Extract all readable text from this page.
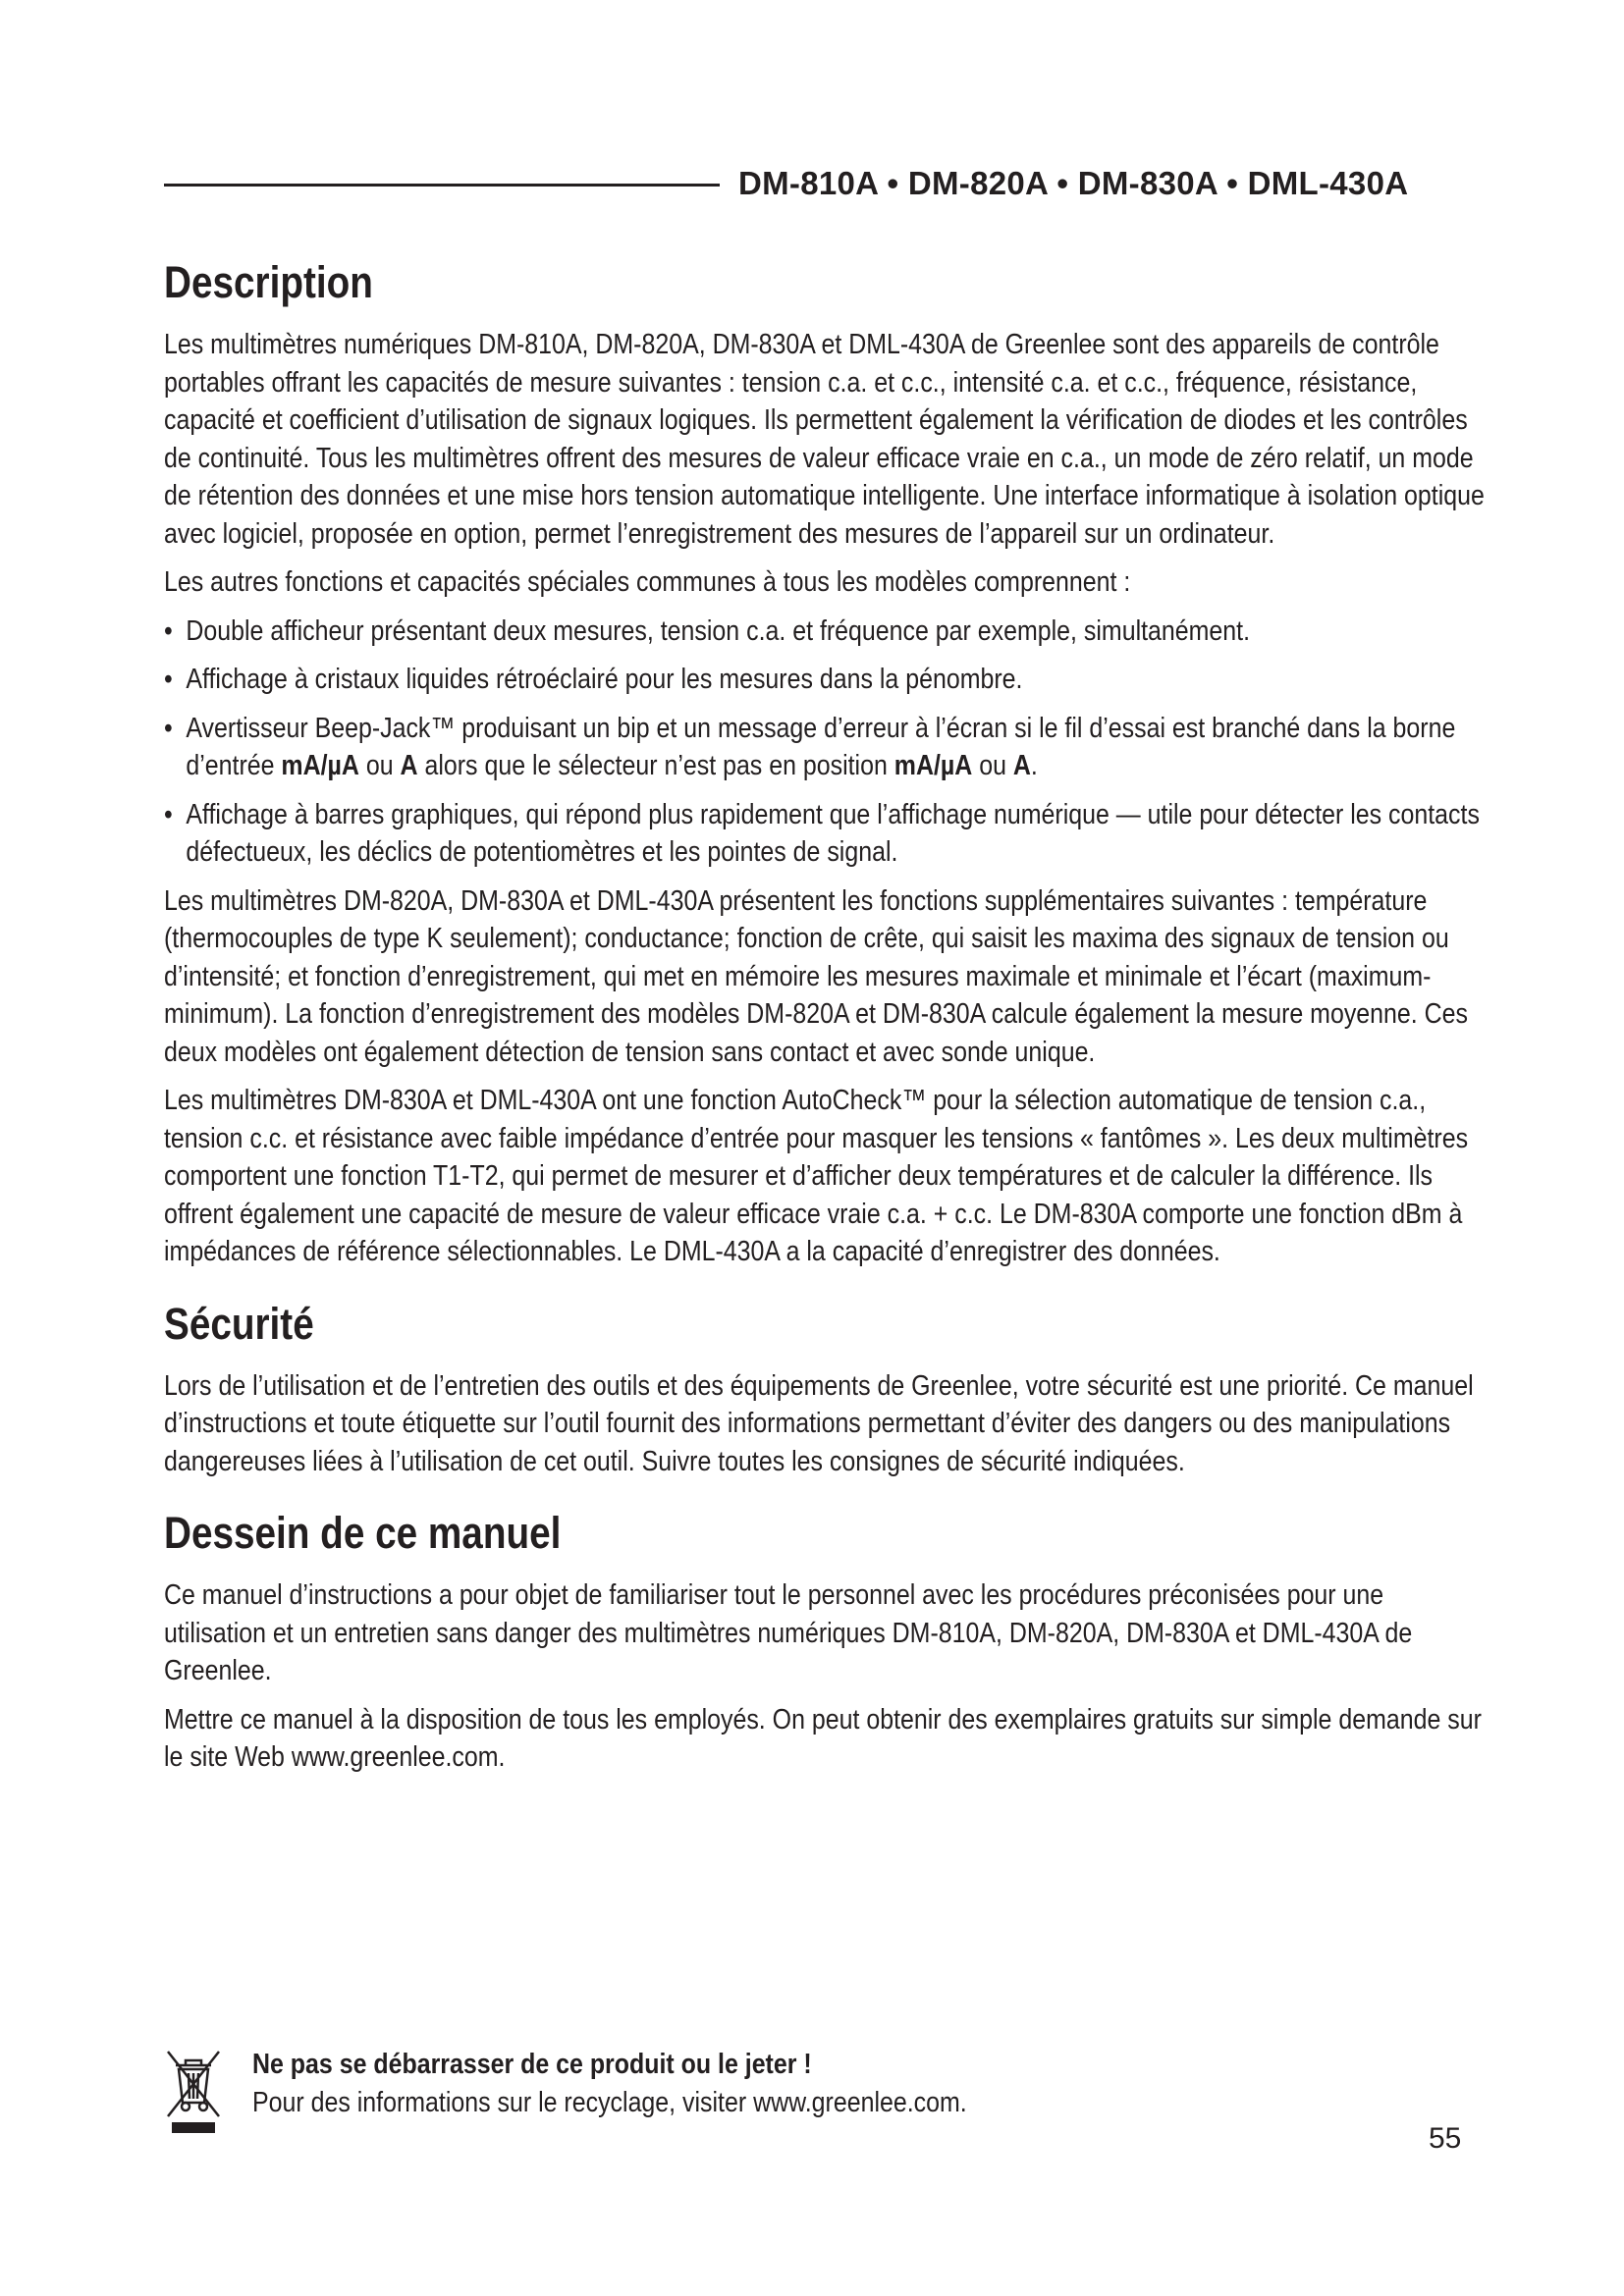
DM-810A • DM-820A • DM-830A • DML-430A
Description

Les multimètres numériques DM-810A, DM-820A, DM-830A et DML-430A de Greenlee sont des appareils de contrôle portables offrant les capacités de mesure suivantes : tension c.a. et c.c., intensité c.a. et c.c., fréquence, résistance, capacité et coefficient d’utilisation de signaux logiques. Ils permettent également la vérification de diodes et les contrôles de continuité. Tous les multimètres offrent des mesures de valeur efficace vraie en c.a., un mode de zéro relatif, un mode de rétention des données et une mise hors tension automatique intelligente. Une interface informatique à isolation optique avec logiciel, proposée en option, permet l’enregistrement des mesures de l’appareil sur un ordinateur.

Les autres fonctions et capacités spéciales communes à tous les modèles comprennent :

• Double afficheur présentant deux mesures, tension c.a. et fréquence par exemple, simultanément.
• Affichage à cristaux liquides rétroéclairé pour les mesures dans la pénombre.
• Avertisseur Beep-Jack™ produisant un bip et un message d’erreur à l’écran si le fil d’essai est branché dans la borne d’entrée mA/µA ou A alors que le sélecteur n’est pas en position mA/µA ou A.
• Affichage à barres graphiques, qui répond plus rapidement que l’affichage numérique — utile pour détecter les contacts défectueux, les déclics de potentiomètres et les pointes de signal.

Les multimètres DM-820A, DM-830A et DML-430A présentent les fonctions supplémentaires suivantes : température (thermocouples de type K seulement); conductance; fonction de crête, qui saisit les maxima des signaux de tension ou d’intensité; et fonction d’enregistrement, qui met en mémoire les mesures maximale et minimale et l’écart (maximum-minimum). La fonction d’enregistrement des modèles DM-820A et DM-830A calcule également la mesure moyenne. Ces deux modèles ont également détection de tension sans contact et avec sonde unique.

Les multimètres DM-830A et DML-430A ont une fonction AutoCheck™ pour la sélection automatique de tension c.a., tension c.c. et résistance avec faible impédance d’entrée pour masquer les tensions « fantômes ». Les deux multimètres comportent une fonction T1-T2, qui permet de mesurer et d’afficher deux températures et de calculer la différence. Ils offrent également une capacité de mesure de valeur efficace vraie c.a. + c.c. Le DM-830A comporte une fonction dBm à impédances de référence sélectionnables. Le DML-430A a la capacité d’enregistrer des données.

Sécurité

Lors de l’utilisation et de l’entretien des outils et des équipements de Greenlee, votre sécurité est une priorité. Ce manuel d’instructions et toute étiquette sur l’outil fournit des informations permettant d’éviter des dangers ou des manipulations dangereuses liées à l’utilisation de cet outil. Suivre toutes les consignes de sécurité indiquées.

Dessein de ce manuel

Ce manuel d’instructions a pour objet de familiariser tout le personnel avec les procédures préconisées pour une utilisation et un entretien sans danger des multimètres numériques DM-810A, DM-820A, DM-830A et DML-430A de Greenlee.

Mettre ce manuel à la disposition de tous les employés. On peut obtenir des exemplaires gratuits sur simple demande sur le site Web www.greenlee.com.

Ne pas se débarrasser de ce produit ou le jeter !
Pour des informations sur le recyclage, visiter www.greenlee.com.
55
